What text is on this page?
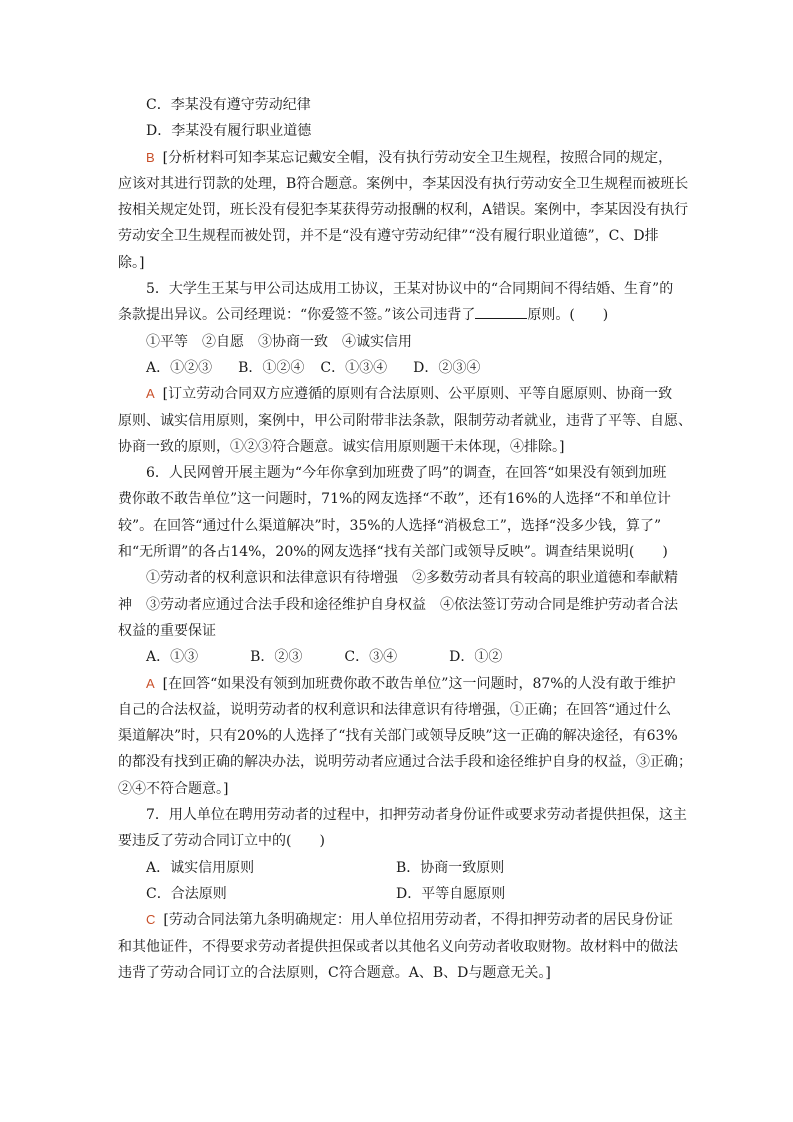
C．李某没有遵守劳动纪律
D．李某没有履行职业道德
B [分析材料可知李某忘记戴安全帽，没有执行劳动安全卫生规程，按照合同的规定，
应该对其进行罚款的处理，B符合题意。案例中，李某因没有执行劳动安全卫生规程而被班长
按相关规定处罚，班长没有侵犯李某获得劳动报酬的权利，A错误。案例中，李某因没有执行
劳动安全卫生规程而被处罚，并不是“没有遵守劳动纪律”“没有履行职业道德”，C、D排
除。]
5．大学生王某与甲公司达成用工协议，王某对协议中的“合同期间不得结婚、生育”的
条款提出异议。公司经理说：“你爱签不签。”该公司违背了	原则。(　　)
①平等　②自愿　③协商一致　④诚实信用
A．①②③ B．①②④ C．①③④ D．②③④
A [订立劳动合同双方应遵循的原则有合法原则、公平原则、平等自愿原则、协商一致
原则、诚实信用原则，案例中，甲公司附带非法条款，限制劳动者就业，违背了平等、自愿、
协商一致的原则，①②③符合题意。诚实信用原则题干未体现，④排除。]
6．人民网曾开展主题为“今年你拿到加班费了吗”的调查，在回答“如果没有领到加班
费你敢不敢告单位”这一问题时，71%的网友选择“不敢”，还有16%的人选择“不和单位计
较”。在回答“通过什么渠道解决”时，35%的人选择“消极怠工”，选择“没多少钱，算了”
和“无所谓”的各占14%，20%的网友选择“找有关部门或领导反映”。调查结果说明(　　)
①劳动者的权利意识和法律意识有待增强　②多数劳动者具有较高的职业道德和奉献精
神　③劳动者应通过合法手段和途径维护自身权益　④依法签订劳动合同是维护劳动者合法
权益的重要保证
A．①③	B．②③	C．③④	D．①②
A [在回答“如果没有领到加班费你敢不敢告单位”这一问题时，87%的人没有敢于维护
自己的合法权益，说明劳动者的权利意识和法律意识有待增强，①正确；在回答“通过什么
渠道解决”时，只有20%的人选择了“找有关部门或领导反映”这一正确的解决途径，有63%
的都没有找到正确的解决办法，说明劳动者应通过合法手段和途径维护自身的权益，③正确；
②④不符合题意。]
7．用人单位在聘用劳动者的过程中，扣押劳动者身份证件或要求劳动者提供担保，这主
要违反了劳动合同订立中的(　　)
A．诚实信用原则	B．协商一致原则
C．合法原则	D．平等自愿原则
C [劳动合同法第九条明确规定：用人单位招用劳动者，不得扣押劳动者的居民身份证
和其他证件，不得要求劳动者提供担保或者以其他名义向劳动者收取财物。故材料中的做法
违背了劳动合同订立的合法原则，C符合题意。A、B、D与题意无关。]
